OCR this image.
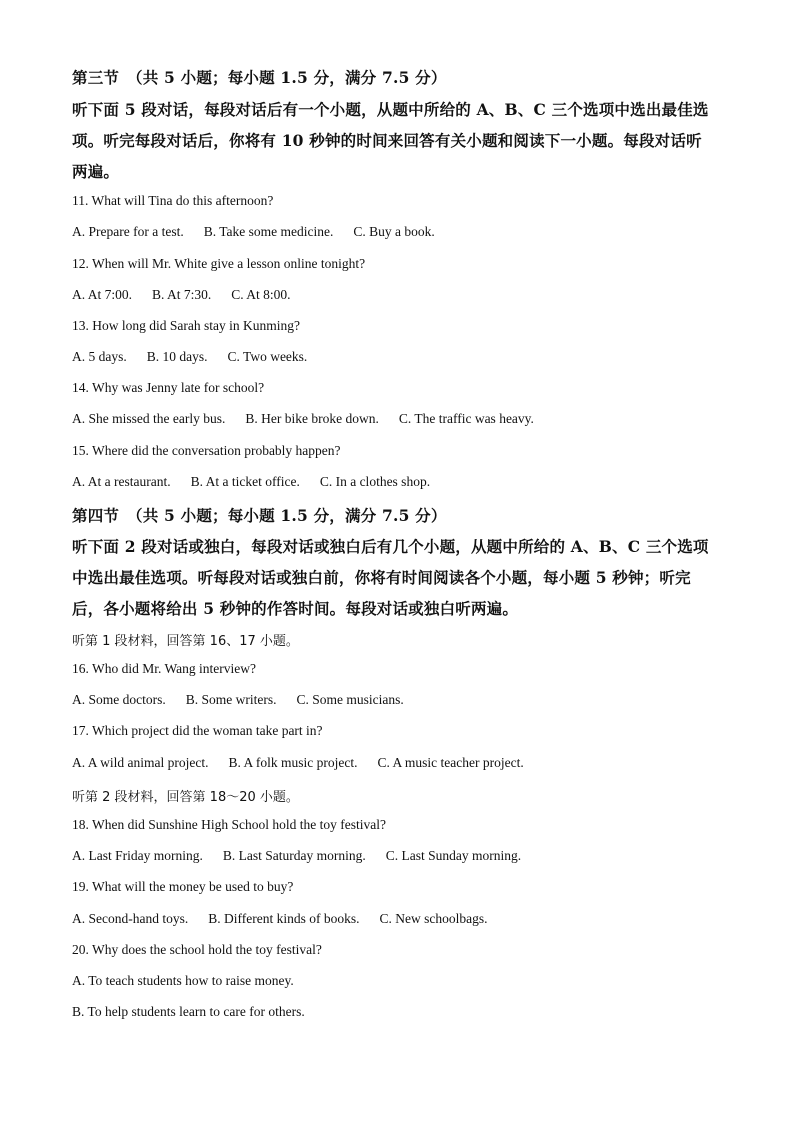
第三节　（共 5 小题；每小题 1.5 分，满分 7.5 分）
听下面 5 段对话，每段对话后有一个小题，从题中所给的 A、B、C 三个选项中选出最佳选
项。听完每段对话后，你将有 10 秒钟的时间来回答有关小题和阅读下一小题。每段对话听
两遍。
11. What will Tina do this afternoon?
A. Prepare for a test. B. Take some medicine. C. Buy a book.
12. When will Mr. White give a lesson online tonight?
A. At 7:00. B. At 7:30. C. At 8:00.
13. How long did Sarah stay in Kunming?
A. 5 days. B. 10 days. C. Two weeks.
14. Why was Jenny late for school?
A. She missed the early bus. B. Her bike broke down. C. The traffic was heavy.
15. Where did the conversation probably happen?
A. At a restaurant. B. At a ticket office. C. In a clothes shop.
第四节　（共 5 小题；每小题 1.5 分，满分 7.5 分）
听下面 2 段对话或独白，每段对话或独白后有几个小题，从题中所给的 A、B、C 三个选项
中选出最佳选项。听每段对话或独白前，你将有时间阅读各个小题，每小题 5 秒钟；听完
后，各小题将给出 5 秒钟的作答时间。每段对话或独白听两遍。
听第 1 段材料，回答第 16、17 小题。
16. Who did Mr. Wang interview?
A. Some doctors. B. Some writers. C. Some musicians.
17. Which project did the woman take part in?
A. A wild animal project. B. A folk music project. C. A music teacher project.
听第 2 段材料，回答第 18～20 小题。
18. When did Sunshine High School hold the toy festival?
A. Last Friday morning. B. Last Saturday morning. C. Last Sunday morning.
19. What will the money be used to buy?
A. Second-hand toys. B. Different kinds of books. C. New schoolbags.
20. Why does the school hold the toy festival?
A. To teach students how to raise money.
B. To help students learn to care for others.
